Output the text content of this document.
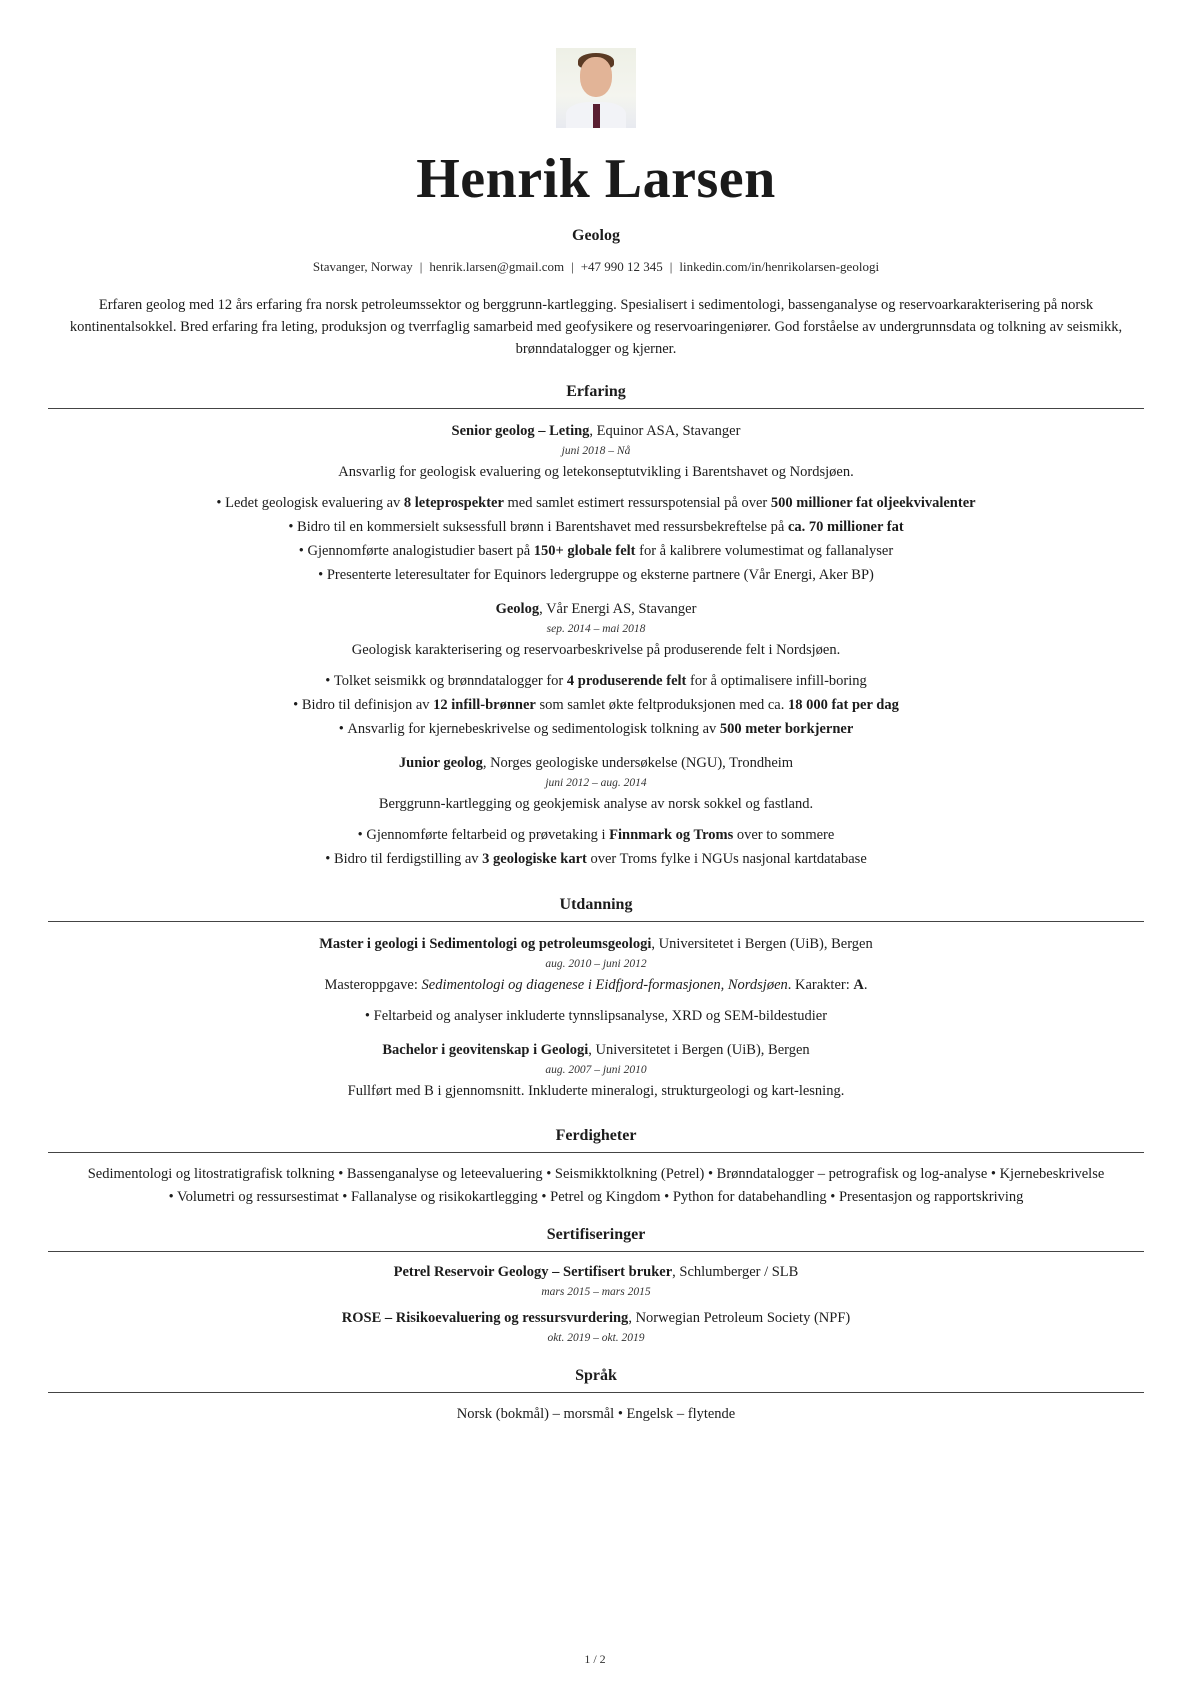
Henrik Larsen
Geolog
Stavanger, Norway | henrik.larsen@gmail.com | +47 990 12 345 | linkedin.com/in/henrikolarsen-geologi
Erfaren geolog med 12 års erfaring fra norsk petroleumssektor og berggrunn-kartlegging. Spesialisert i sedimentologi, bassenganalyse og reservoarkarakterisering på norsk kontinentalsokkel. Bred erfaring fra leting, produksjon og tverrfaglig samarbeid med geofysikere og reservoaringeniører. God forståelse av undergrunnsdata og tolkning av seismikk, brønndatalogger og kjerner.
Erfaring
Senior geolog – Leting, Equinor ASA, Stavanger
juni 2018 – Nå
Ansvarlig for geologisk evaluering og letekonseptutvikling i Barentshavet og Nordsjøen.
• Ledet geologisk evaluering av 8 leteprospekter med samlet estimert ressurspotensial på over 500 millioner fat oljeekvivalenter
• Bidro til en kommersielt suksessfull brønn i Barentshavet med ressursbekreftelse på ca. 70 millioner fat
• Gjennomførte analogistudier basert på 150+ globale felt for å kalibrere volumestimat og fallanalyser
• Presenterte leteresultater for Equinors ledergruppe og eksterne partnere (Vår Energi, Aker BP)
Geolog, Vår Energi AS, Stavanger
sep. 2014 – mai 2018
Geologisk karakterisering og reservoarbeskrivelse på produserende felt i Nordsjøen.
• Tolket seismikk og brønndatalogger for 4 produserende felt for å optimalisere infill-boring
• Bidro til definisjon av 12 infill-brønner som samlet økte feltproduksjonen med ca. 18 000 fat per dag
• Ansvarlig for kjernebeskrivelse og sedimentologisk tolkning av 500 meter borkjerner
Junior geolog, Norges geologiske undersøkelse (NGU), Trondheim
juni 2012 – aug. 2014
Berggrunn-kartlegging og geokjemisk analyse av norsk sokkel og fastland.
• Gjennomførte feltarbeid og prøvetaking i Finnmark og Troms over to sommere
• Bidro til ferdigstilling av 3 geologiske kart over Troms fylke i NGUs nasjonal kartdatabase
Utdanning
Master i geologi i Sedimentologi og petroleumsgeologi, Universitetet i Bergen (UiB), Bergen
aug. 2010 – juni 2012
Masteroppgave: Sedimentologi og diagenese i Eidfjord-formasjonen, Nordsjøen. Karakter: A.
• Feltarbeid og analyser inkluderte tynnslipsanalyse, XRD og SEM-bildestudier
Bachelor i geovitenskap i Geologi, Universitetet i Bergen (UiB), Bergen
aug. 2007 – juni 2010
Fullført med B i gjennomsnitt. Inkluderte mineralogi, strukturgeologi og kart-lesning.
Ferdigheter
Sedimentologi og litostratigrafisk tolkning • Bassenganalyse og leteevaluering • Seismikktolkning (Petrel) • Brønndatalogger – petrografisk og log-analyse • Kjernebeskrivelse
• Volumetri og ressursestimat • Fallanalyse og risikokartlegging • Petrel og Kingdom • Python for databehandling • Presentasjon og rapportskriving
Sertifiseringer
Petrel Reservoir Geology – Sertifisert bruker, Schlumberger / SLB
mars 2015 – mars 2015
ROSE – Risikoevaluering og ressursvurdering, Norwegian Petroleum Society (NPF)
okt. 2019 – okt. 2019
Språk
Norsk (bokmål) – morsmål • Engelsk – flytende
1 / 2
